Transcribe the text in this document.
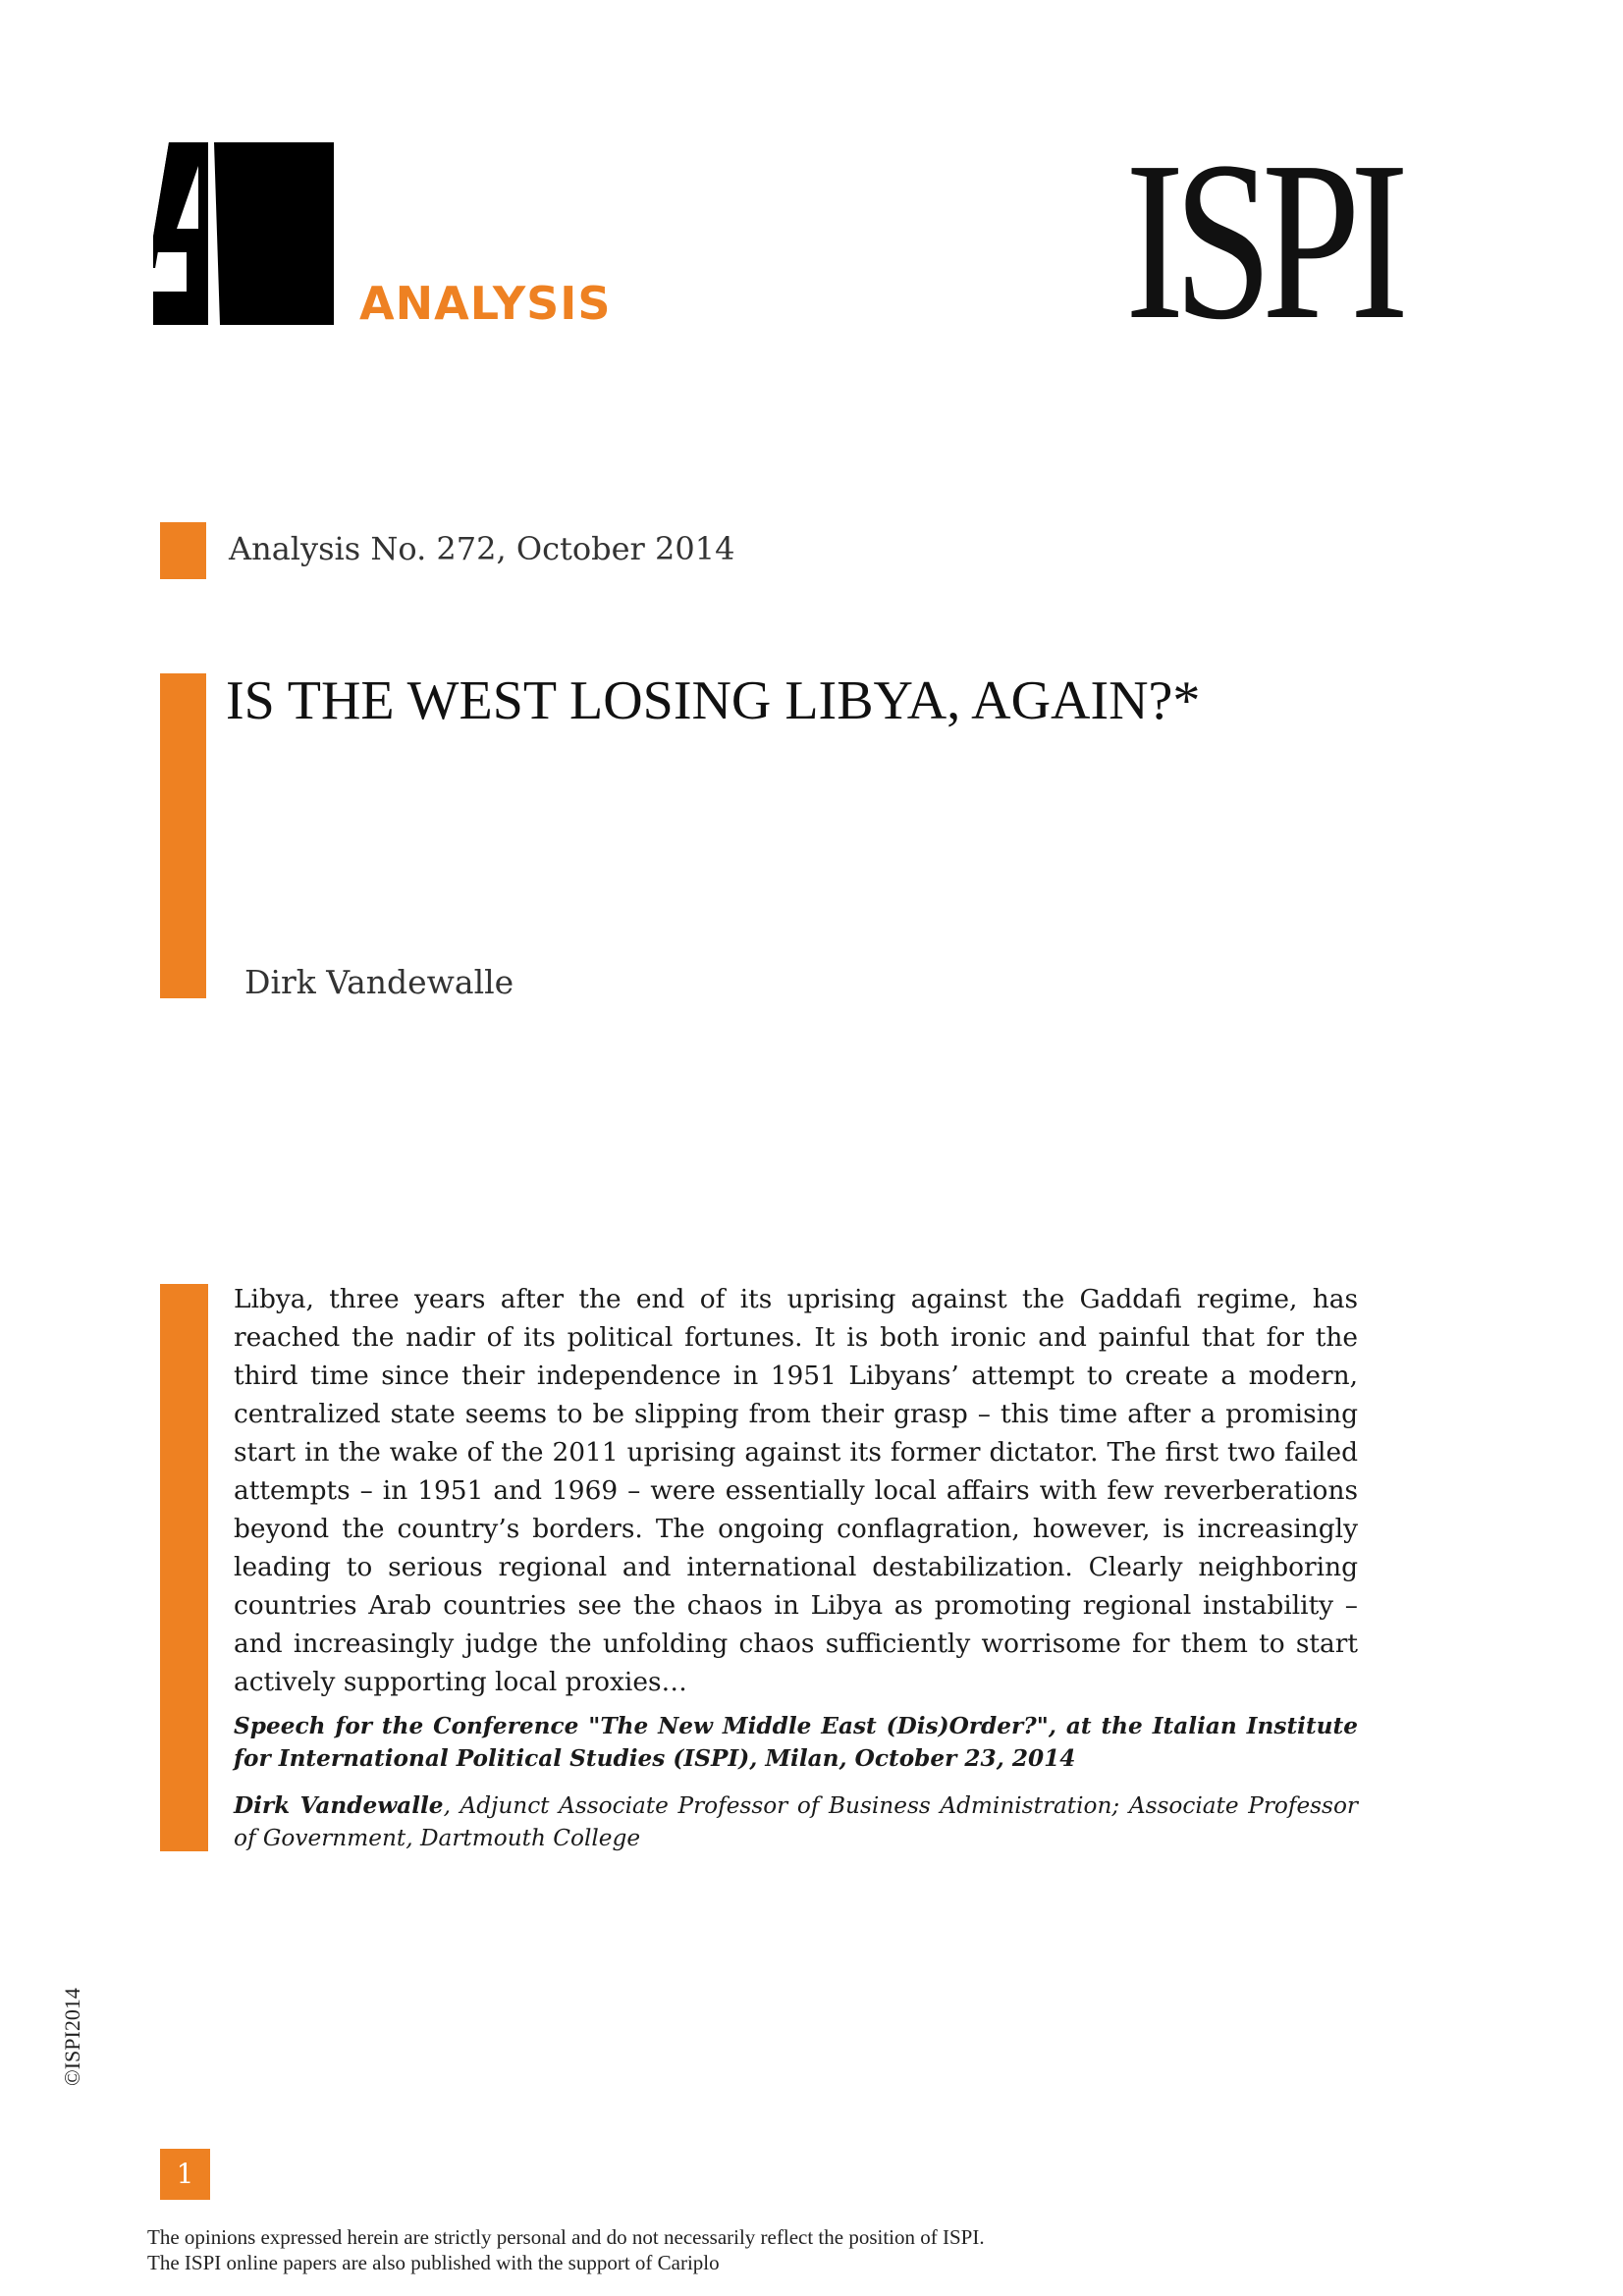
ANALYSIS ISPI
Analysis No. 272, October 2014
IS THE WEST LOSING LIBYA, AGAIN?*
Dirk Vandewalle
Libya, three years after the end of its uprising against the Gaddafi regime, has reached the nadir of its political fortunes. It is both ironic and painful that for the third time since their independence in 1951 Libyans’ attempt to create a modern, centralized state seems to be slipping from their grasp – this time after a promising start in the wake of the 2011 uprising against its former dictator. The first two failed attempts – in 1951 and 1969 – were essentially local affairs with few reverberations beyond the country’s borders. The ongoing conflagration, however, is increasingly leading to serious regional and international destabilization. Clearly neighboring countries Arab countries see the chaos in Libya as promoting regional instability – and increasingly judge the unfolding chaos sufficiently worrisome for them to start actively supporting local proxies…
Speech for the Conference "The New Middle East (Dis)Order?", at the Italian Institute for International Political Studies (ISPI), Milan, October 23, 2014
Dirk Vandewalle, Adjunct Associate Professor of Business Administration; Associate Professor of Government, Dartmouth College
©ISPI2014
1
The opinions expressed herein are strictly personal and do not necessarily reflect the position of ISPI.
The ISPI online papers are also published with the support of Cariplo
